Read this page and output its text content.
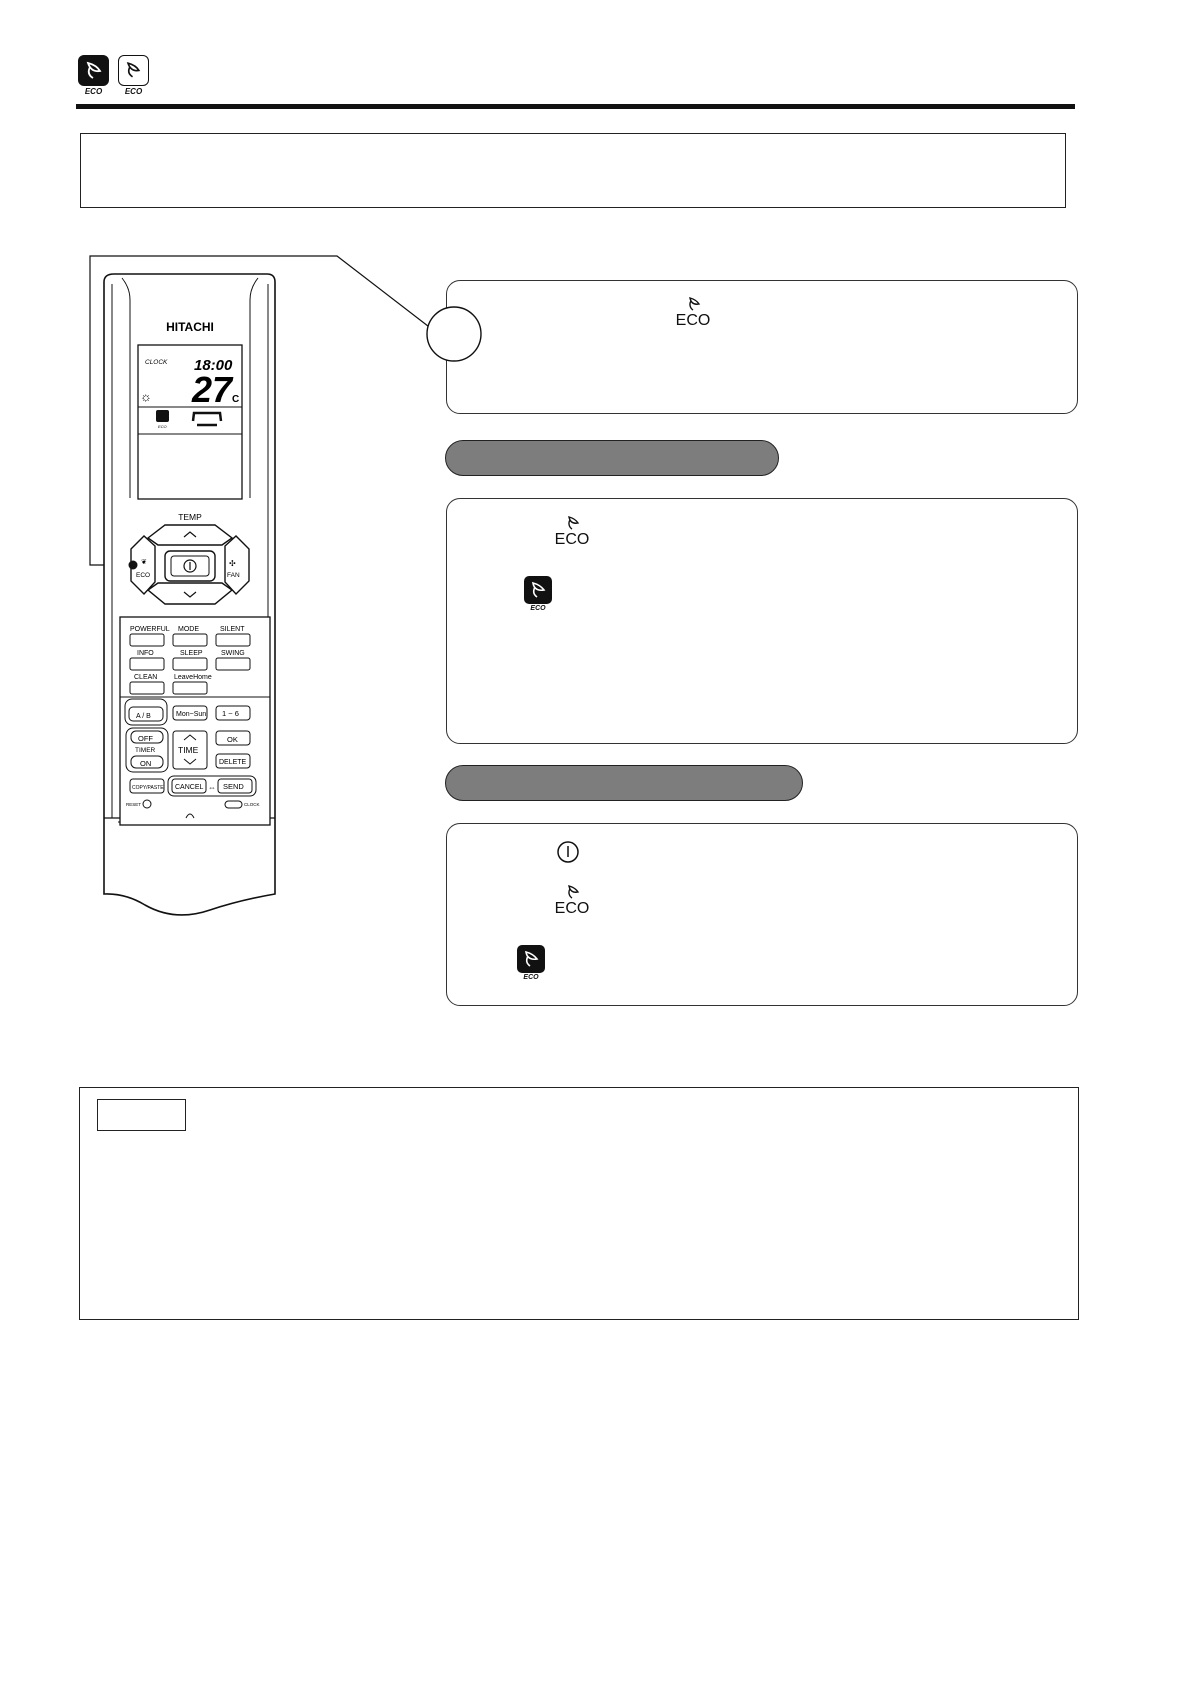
ECO	ECO
HITACHI
CLOCK 18:00
☼ 27 C
ECO
TEMP
❦
ECO
✣
FAN
POWERFUL MODE	SILENT
INFO	SLEEP	SWING
CLEAN LeaveHome
A / B	Mon~Sun 1 ~ 6
OFF
TIMER
ON
TIME
OK
DELETE
COPY/PASTE CANCEL ⇔ SEND
RESET	CLOCK
ECO
ECO
ECO
ECO
ECO
